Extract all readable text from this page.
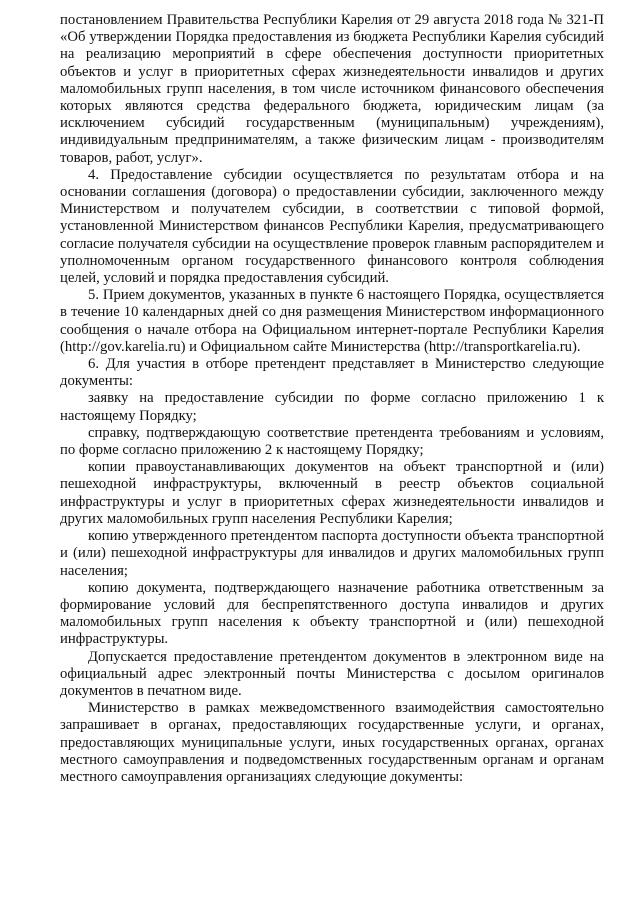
постановлением Правительства Республики Карелия от 29 августа 2018 года № 321-П «Об утверждении Порядка предоставления из бюджета Республики Карелия субсидий на реализацию мероприятий в сфере обеспечения доступности приоритетных объектов и услуг в приоритетных сферах жизнедеятельности инвалидов и других маломобильных групп населения, в том числе источником финансового обеспечения которых являются средства федерального бюджета, юридическим лицам (за исключением субсидий государственным (муниципальным) учреждениям), индивидуальным предпринимателям, а также физическим лицам - производителям товаров, работ, услуг».

4. Предоставление субсидии осуществляется по результатам отбора и на основании соглашения (договора) о предоставлении субсидии, заключенного между Министерством и получателем субсидии, в соответствии с типовой формой, установленной Министерством финансов Республики Карелия, предусматривающего согласие получателя субсидии на осуществление проверок главным распорядителем и уполномоченным органом государственного финансового контроля соблюдения целей, условий и порядка предоставления субсидий.

5. Прием документов, указанных в пункте 6 настоящего Порядка, осуществляется в течение 10 календарных дней со дня размещения Министерством информационного сообщения о начале отбора на Официальном интернет-портале Республики Карелия (http://gov.karelia.ru) и Официальном сайте Министерства (http://transportkarelia.ru).

6. Для участия в отборе претендент представляет в Министерство следующие документы:

заявку на предоставление субсидии по форме согласно приложению 1 к настоящему Порядку;

справку, подтверждающую соответствие претендента требованиям и условиям, по форме согласно приложению 2 к настоящему Порядку;

копии правоустанавливающих документов на объект транспортной и (или) пешеходной инфраструктуры, включенный в реестр объектов социальной инфраструктуры и услуг в приоритетных сферах жизнедеятельности инвалидов и других маломобильных групп населения Республики Карелия;

копию утвержденного претендентом паспорта доступности объекта транспортной и (или) пешеходной инфраструктуры для инвалидов и других маломобильных групп населения;

копию документа, подтверждающего назначение работника ответственным за формирование условий для беспрепятственного доступа инвалидов и других маломобильных групп населения к объекту транспортной и (или) пешеходной инфраструктуры.

Допускается предоставление претендентом документов в электронном виде на официальный адрес электронный почты Министерства с досылом оригиналов документов в печатном виде.

Министерство в рамках межведомственного взаимодействия самостоятельно запрашивает в органах, предоставляющих государственные услуги, и органах, предоставляющих муниципальные услуги, иных государственных органах, органах местного самоуправления и подведомственных государственным органам и органам местного самоуправления организациях следующие документы:
